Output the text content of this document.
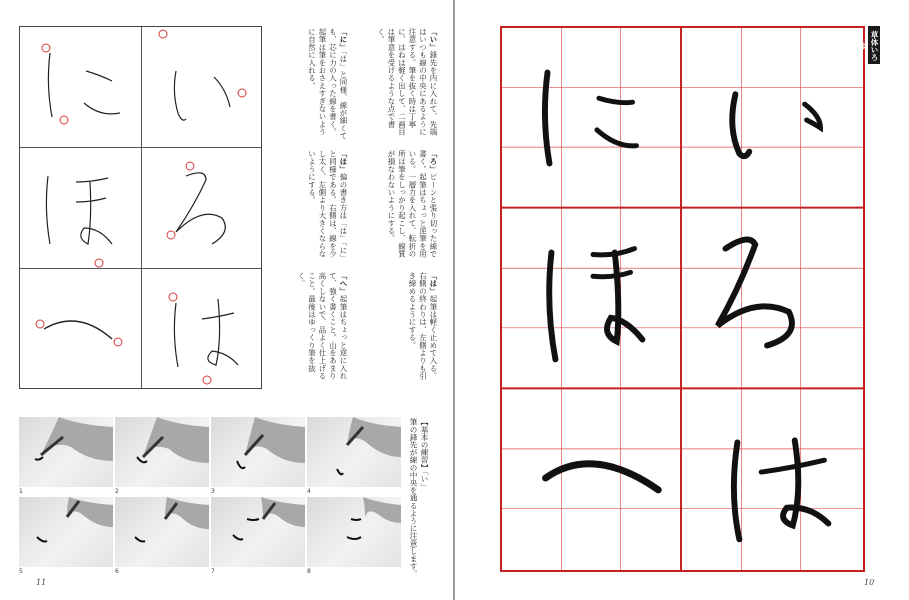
「い」鋒先を内に入れて、先端はいつも線の中央にあるように注意する。筆を抜く時は丁寧に、はねは軽く出して、二画目は筆意を受けるような点で書く。
「に」「は」と同様、線が細くても、芯に力の入った線を書く。起筆は筆をおさえすぎないように自然に入れる。
「ろ」ピーンと張り切った線で書く。起筆はちょっと逆筆を用いる。一層力を入れて、転折の所は筆をしっかり起こし、線質が損なわないようにする。
「ほ」偏の書き方は「は」「に」と同様である。右側は、線を少し太く、左側より大きくならないようにする。
「は」起筆は軽く止めて入る。右側の終わりは、左側よりも引き締めるようにする。
「へ」起筆はちょっと逆に入れて、強く書くこと。山をあまり高くしないで、品よく仕上げること。最後はゆっくり筆を抜く。
1	2	3	4
5	6	7	8
【基本の練習】「い」
筆の鋒先が線の中央を通るように注意します。
11
草体いろは
10
